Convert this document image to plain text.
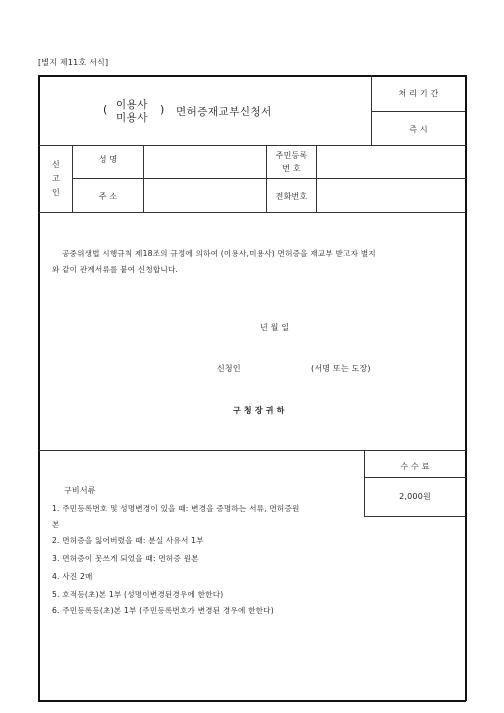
[별지 제11호 서식]
( 이용사
미용사
) 면허증재교부신청서
처 리 기 간
즉 시
신
고
인
성 명
주 소
주민등록
번 호
전화번호
공중위생법 시행규칙 제18조의 규정에 의하여 (이용사,미용사) 면허증을 재교부 받고자 별지
와 같이 관계서류를 붙여 신청합니다.
년 월 일
신청인	(서명 또는 도장)
구 청 장 귀 하
수 수 료
2,000원
구비서류
1. 주민등록번호 및 성명변경이 있을 때: 변경을 증명하는 서류, 면허증원
본
2. 면허증을 잃어버렸을 때: 분실 사유서 1부
3. 면허증이 못쓰게 되었을 때: 면허증 원본
4. 사진 2매
5. 호적등(초)본 1부 (성명이변경된경우에 한한다)
6. 주민등록등(초)본 1부 (주민등록번호가 변경된 경우에 한한다)
